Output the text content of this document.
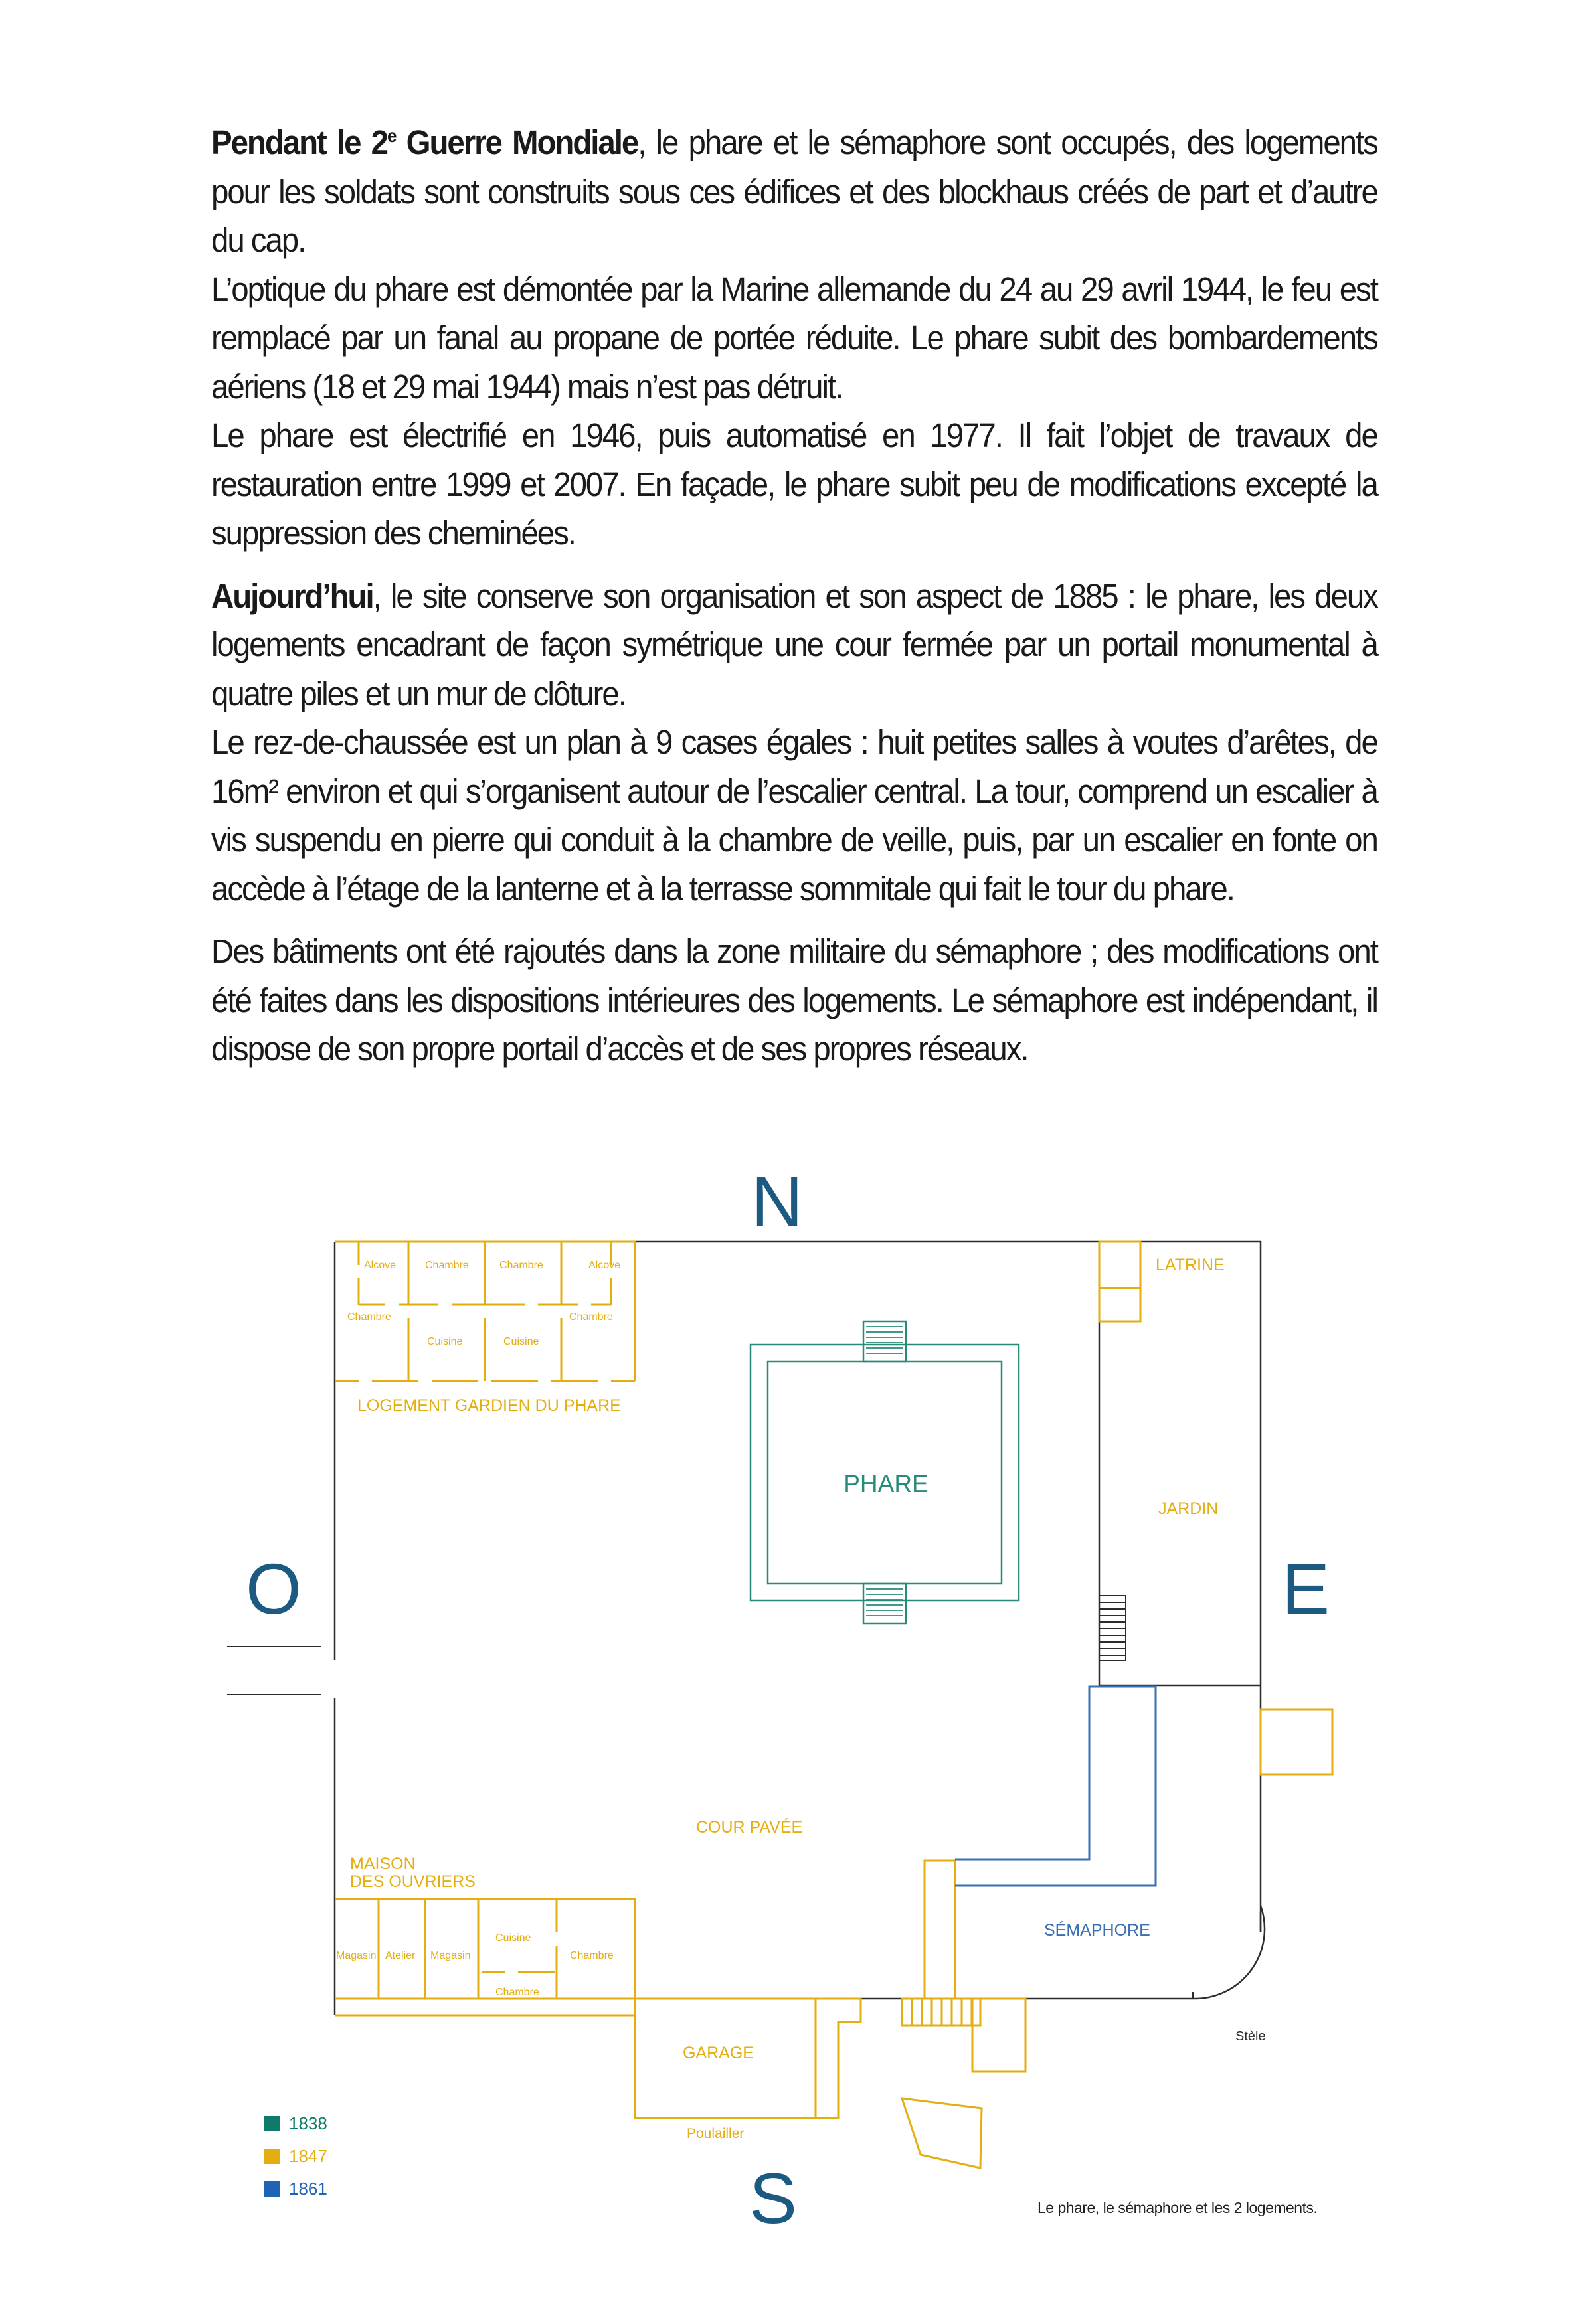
Pendant le 2e Guerre Mondiale, le phare et le sémaphore sont occupés, des logements pour les soldats sont construits sous ces édifices et des blockhaus créés de part et d’autre du cap.

L’optique du phare est démontée par la Marine allemande du 24 au 29 avril 1944, le feu est remplacé par un fanal au propane de portée réduite. Le phare subit des bombardements aériens (18 et 29 mai 1944) mais n’est pas détruit.

Le phare est électrifié en 1946, puis automatisé en 1977. Il fait l’objet de travaux de restauration entre 1999 et 2007. En façade, le phare subit peu de modifications excepté la suppression des cheminées.

Aujourd’hui, le site conserve son organisation et son aspect de 1885 : le phare, les deux logements encadrant de façon symétrique une cour fermée par un portail monumental à quatre piles et un mur de clôture.

Le rez-de-chaussée est un plan à 9 cases égales : huit petites salles à voutes d’arêtes, de 16m² environ et qui s’organisent autour de l’escalier central. La tour, comprend un escalier à vis suspendu en pierre qui conduit à la chambre de veille, puis, par un escalier en fonte on accède à l’étage de la lanterne et à la terrasse sommitale qui fait le tour du phare.

Des bâtiments ont été rajoutés dans la zone militaire du sémaphore ; des modifications ont été faites dans les dispositions intérieures des logements. Le sémaphore est indépendant, il dispose de son propre portail d’accès et de ses propres réseaux.

N
O	E
S
PHARE
LOGEMENT GARDIEN DU PHARE
LATRINE
JARDIN
COUR PAVÉE
MAISON
DES OUVRIERS
SÉMAPHORE
GARAGE
Poulailler
Stèle
Alcove	Chambre	Chambre	Alcove
Chambre
Cuisine	Cuisine
Chambre
Magasin Atelier Magasin
Cuisine
Chambre
Chambre
1838
1847
1861
Le phare, le sémaphore et les 2 logements.
